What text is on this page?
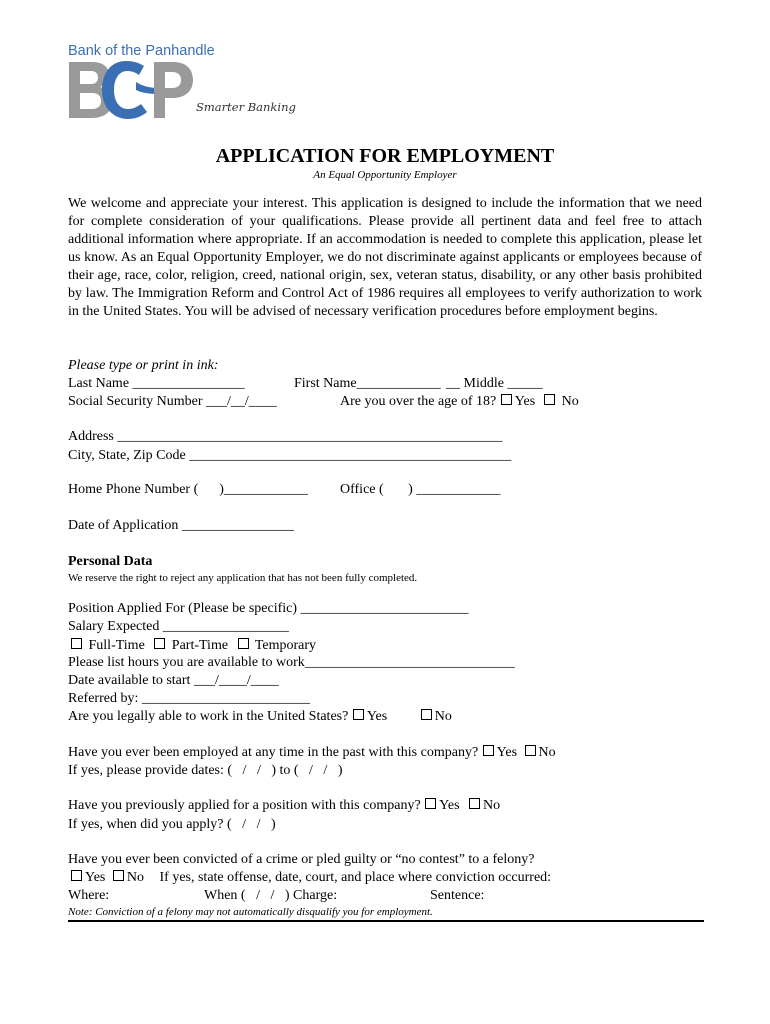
Bank of the Panhandle
Smarter Banking
APPLICATION FOR EMPLOYMENT
An Equal Opportunity Employer
We welcome and appreciate your interest. This application is designed to include the information that we need for complete consideration of your qualifications. Please provide all pertinent data and feel free to attach additional information where appropriate. If an accommodation is needed to complete this application, please let us know. As an Equal Opportunity Employer, we do not discriminate against applicants or employees because of their age, race, color, religion, creed, national origin, sex, veteran status, disability, or any other basis prohibited by law. The Immigration Reform and Control Act of 1986 requires all employees to verify authorization to work in the United States. You will be advised of necessary verification procedures before employment begins.
Please type or print in ink:
Last Name ________________	First Name____________ __ Middle _____
Social Security Number ___/__/____	Are you over the age of 18? Yes No
Address _______________________________________________________
City, State, Zip Code ______________________________________________
Home Phone Number (      )____________ Office (       ) ____________
Date of Application ________________
Personal Data
We reserve the right to reject any application that has not been fully completed.
Position Applied For (Please be specific) ________________________
Salary Expected __________________
Full-Time Part-Time Temporary
Please list hours you are available to work______________________________
Date available to start ___/____/____
Referred by: ________________________
Are you legally able to work in the United States? Yes	No
Have you ever been employed at any time in the past with this company? Yes No
If yes, please provide dates: (   /   /   ) to (   /   /   )
Have you previously applied for a position with this company? Yes No
If yes, when did you apply? (   /   /   )
Have you ever been convicted of a crime or pled guilty or “no contest” to a felony?
Yes No If yes, state offense, date, court, and place where conviction occurred:
Where:	When (   /   /   ) Charge:	Sentence:
Note: Conviction of a felony may not automatically disqualify you for employment.
